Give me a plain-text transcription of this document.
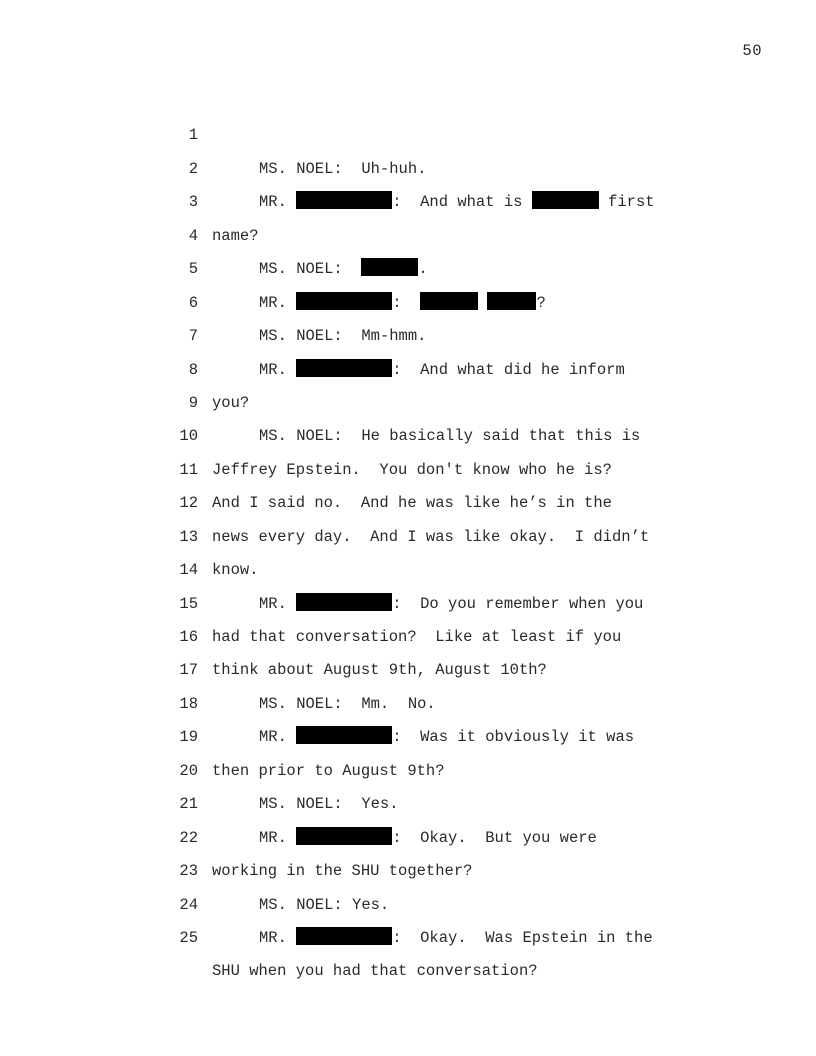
50

1

MS. NOEL:  Uh-huh.

2

MR.	:  And what is	first

3

name?

4

MS. NOEL:	.

5

MR.	:	?

6

MS. NOEL:  Mm-hmm.

7

MR.	:  And what did he inform

8

you?

9

MS. NOEL:  He basically said that this is

10

Jeffrey Epstein.  You don't know who he is?

11

And I said no.  And he was like he’s in the

12

news every day.  And I was like okay.  I didn’t

13

know.

14

MR.	:  Do you remember when you

15

had that conversation?  Like at least if you

16

think about August 9th, August 10th?

17

MS. NOEL:  Mm.  No.

18

MR.	:  Was it obviously it was

19

then prior to August 9th?

20

MS. NOEL:  Yes.

21

MR.	:  Okay.  But you were

22

working in the SHU together?

23

MS. NOEL: Yes.

24

MR.	:  Okay.  Was Epstein in the

25

SHU when you had that conversation?
